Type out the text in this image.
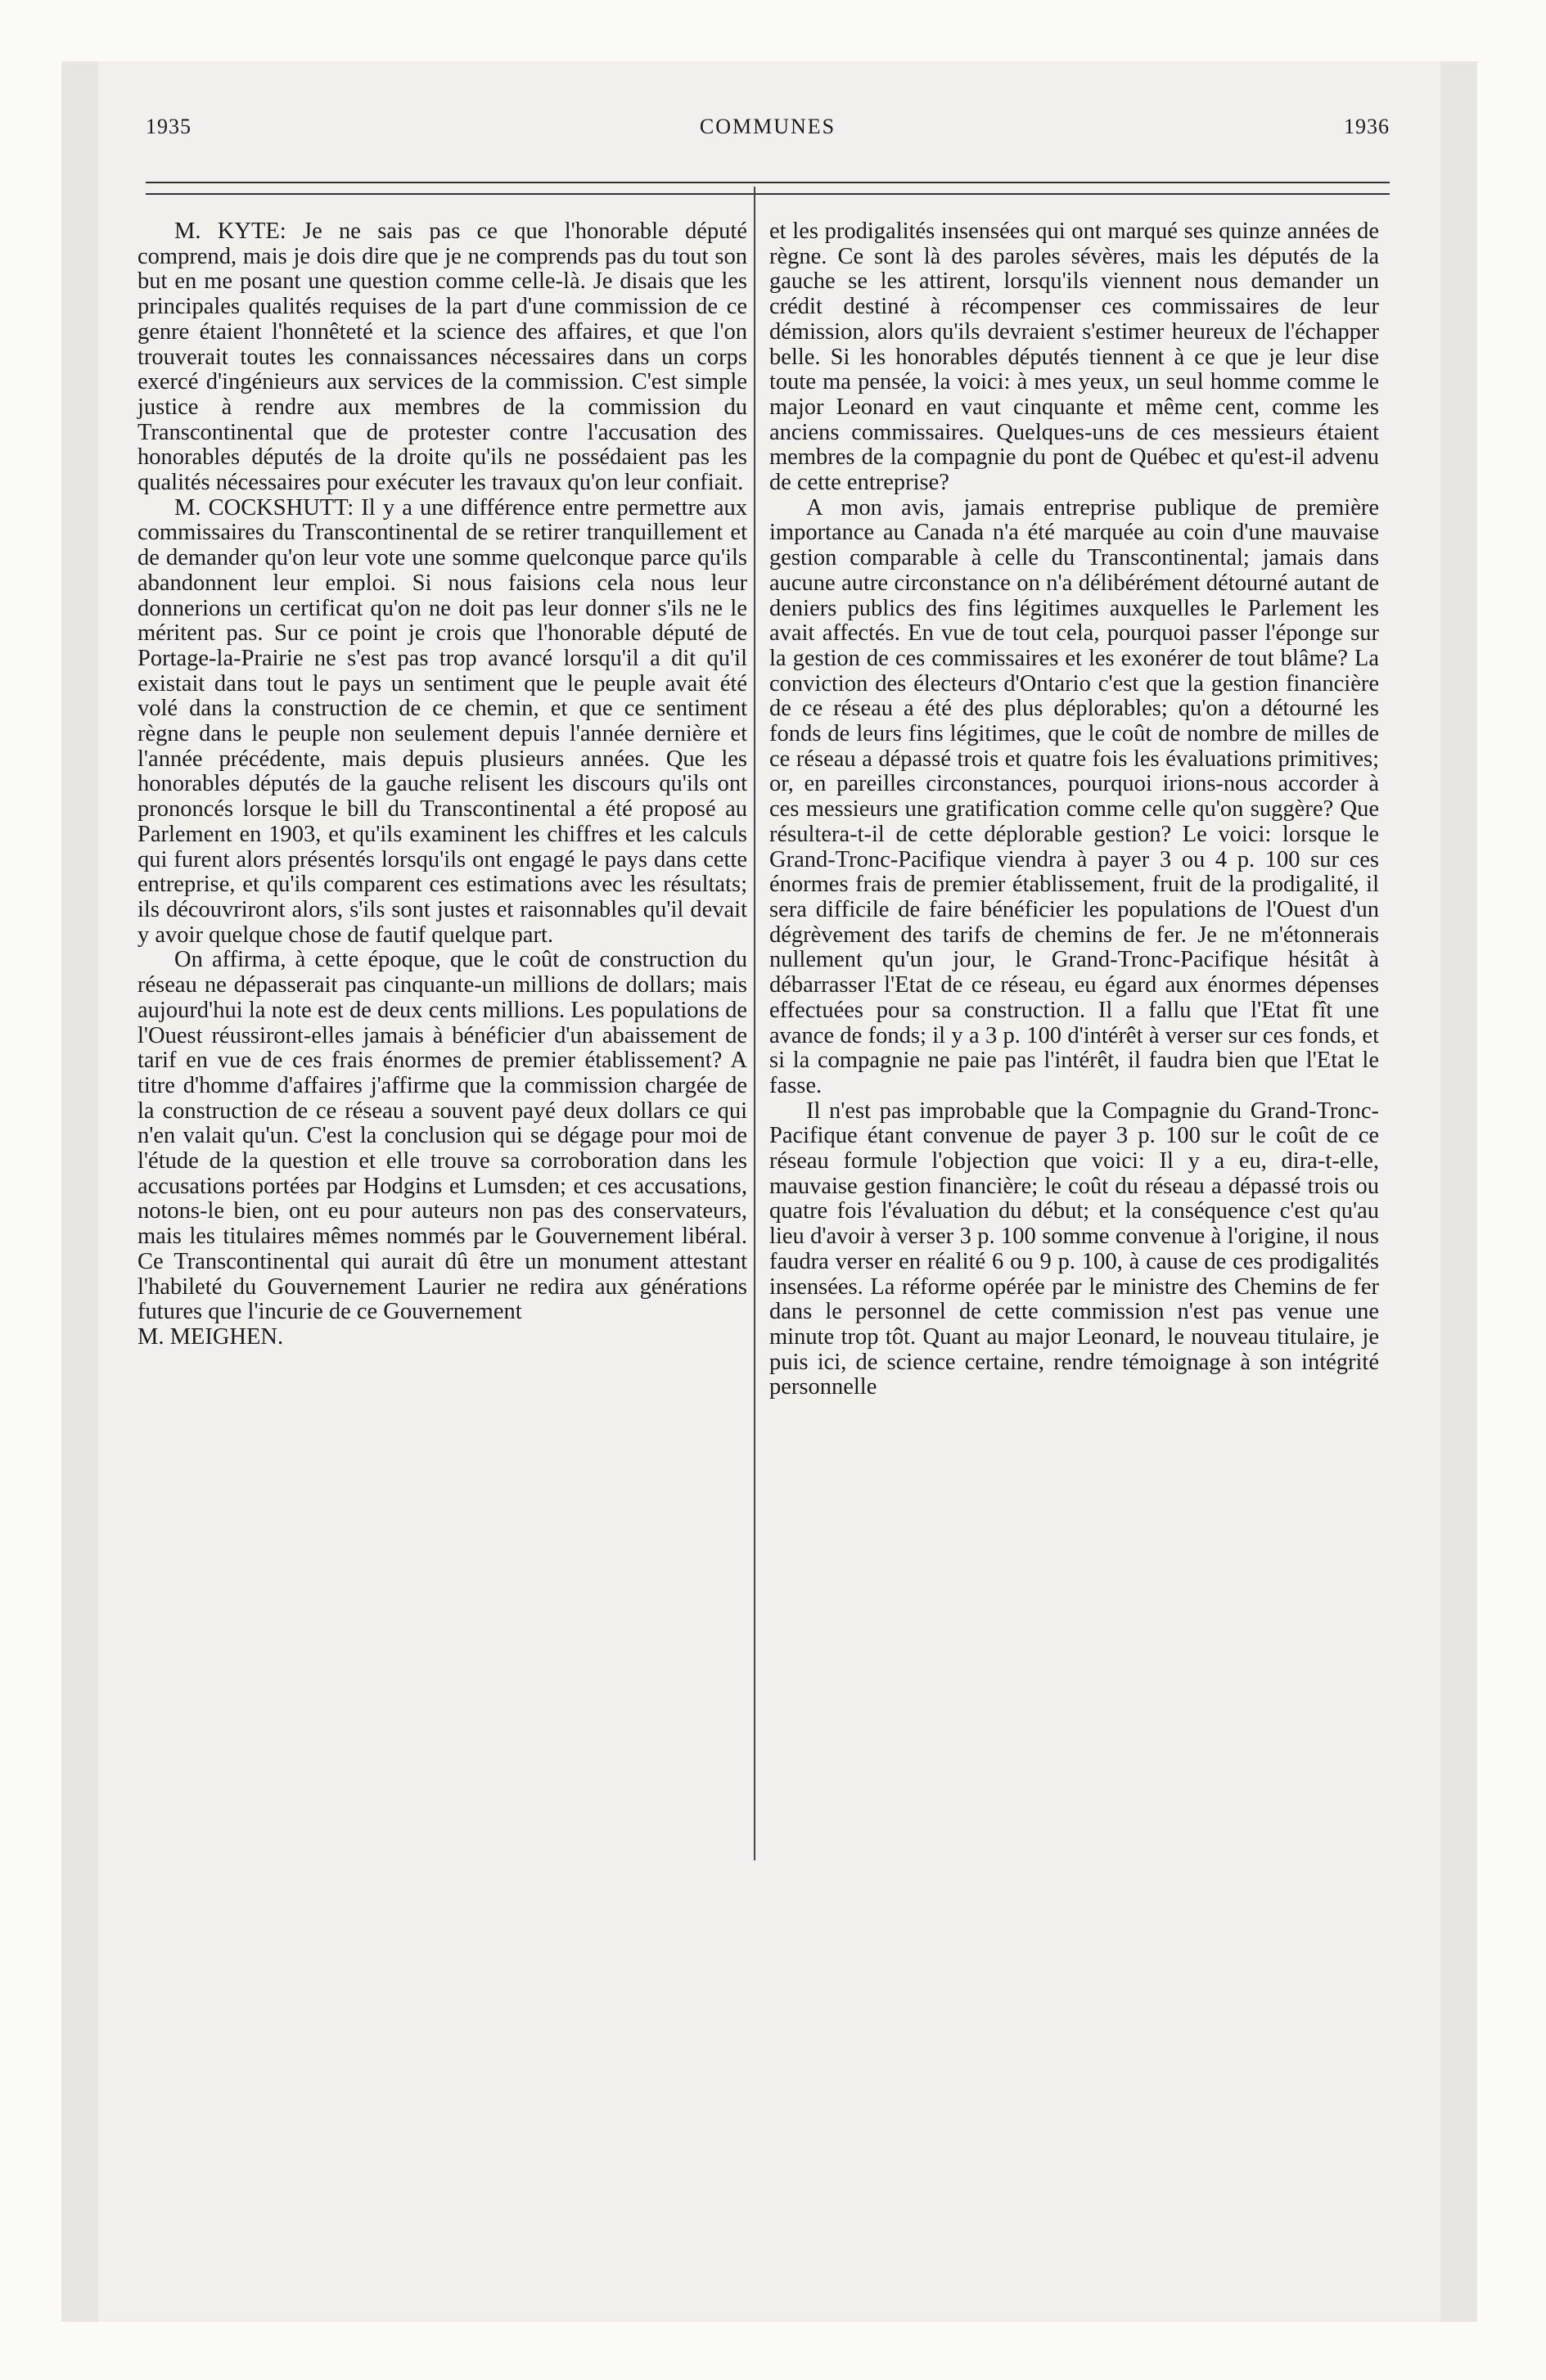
1935	COMMUNES	1936

M. KYTE: Je ne sais pas ce que l'honorable député comprend, mais je dois dire que je ne comprends pas du tout son but en me posant une question comme celle-là. Je disais que les principales qualités requises de la part d'une commission de ce genre étaient l'honnêteté et la science des affaires, et que l'on trouverait toutes les connaissances nécessaires dans un corps exercé d'ingénieurs aux services de la commission. C'est simple justice à rendre aux membres de la commission du Transcontinental que de protester contre l'accusation des honorables députés de la droite qu'ils ne possédaient pas les qualités nécessaires pour exécuter les travaux qu'on leur confiait.

M. COCKSHUTT: Il y a une différence entre permettre aux commissaires du Transcontinental de se retirer tranquillement et de demander qu'on leur vote une somme quelconque parce qu'ils abandonnent leur emploi. Si nous faisions cela nous leur donnerions un certificat qu'on ne doit pas leur donner s'ils ne le méritent pas. Sur ce point je crois que l'honorable député de Portage-la-Prairie ne s'est pas trop avancé lorsqu'il a dit qu'il existait dans tout le pays un sentiment que le peuple avait été volé dans la construction de ce chemin, et que ce sentiment règne dans le peuple non seulement depuis l'année dernière et l'année précédente, mais depuis plusieurs années. Que les honorables députés de la gauche relisent les discours qu'ils ont prononcés lorsque le bill du Transcontinental a été proposé au Parlement en 1903, et qu'ils examinent les chiffres et les calculs qui furent alors présentés lorsqu'ils ont engagé le pays dans cette entreprise, et qu'ils comparent ces estimations avec les résultats; ils découvriront alors, s'ils sont justes et raisonnables qu'il devait y avoir quelque chose de fautif quelque part.

On affirma, à cette époque, que le coût de construction du réseau ne dépasserait pas cinquante-un millions de dollars; mais aujourd'hui la note est de deux cents millions. Les populations de l'Ouest réussiront-elles jamais à bénéficier d'un abaissement de tarif en vue de ces frais énormes de premier établissement? A titre d'homme d'affaires j'affirme que la commission chargée de la construction de ce réseau a souvent payé deux dollars ce qui n'en valait qu'un. C'est la conclusion qui se dégage pour moi de l'étude de la question et elle trouve sa corroboration dans les accusations portées par Hodgins et Lumsden; et ces accusations, notons-le bien, ont eu pour auteurs non pas des conservateurs, mais les titulaires mêmes nommés par le Gouvernement libéral. Ce Transcontinental qui aurait dû être un monument attestant l'habileté du Gouvernement Laurier ne redira aux générations futures que l'incurie de ce Gouvernement

M. MEIGHEN.

et les prodigalités insensées qui ont marqué ses quinze années de règne. Ce sont là des paroles sévères, mais les députés de la gauche se les attirent, lorsqu'ils viennent nous demander un crédit destiné à récompenser ces commissaires de leur démission, alors qu'ils devraient s'estimer heureux de l'échapper belle. Si les honorables députés tiennent à ce que je leur dise toute ma pensée, la voici: à mes yeux, un seul homme comme le major Leonard en vaut cinquante et même cent, comme les anciens commissaires. Quelques-uns de ces messieurs étaient membres de la compagnie du pont de Québec et qu'est-il advenu de cette entreprise?

A mon avis, jamais entreprise publique de première importance au Canada n'a été marquée au coin d'une mauvaise gestion comparable à celle du Transcontinental; jamais dans aucune autre circonstance on n'a délibérément détourné autant de deniers publics des fins légitimes auxquelles le Parlement les avait affectés. En vue de tout cela, pourquoi passer l'éponge sur la gestion de ces commissaires et les exonérer de tout blâme? La conviction des électeurs d'Ontario c'est que la gestion financière de ce réseau a été des plus déplorables; qu'on a détourné les fonds de leurs fins légitimes, que le coût de nombre de milles de ce réseau a dépassé trois et quatre fois les évaluations primitives; or, en pareilles circonstances, pourquoi irions-nous accorder à ces messieurs une gratification comme celle qu'on suggère? Que résultera-t-il de cette déplorable gestion? Le voici: lorsque le Grand-Tronc-Pacifique viendra à payer 3 ou 4 p. 100 sur ces énormes frais de premier établissement, fruit de la prodigalité, il sera difficile de faire bénéficier les populations de l'Ouest d'un dégrèvement des tarifs de chemins de fer. Je ne m'étonnerais nullement qu'un jour, le Grand-Tronc-Pacifique hésitât à débarrasser l'Etat de ce réseau, eu égard aux énormes dépenses effectuées pour sa construction. Il a fallu que l'Etat fît une avance de fonds; il y a 3 p. 100 d'intérêt à verser sur ces fonds, et si la compagnie ne paie pas l'intérêt, il faudra bien que l'Etat le fasse.

Il n'est pas improbable que la Compagnie du Grand-Tronc-Pacifique étant convenue de payer 3 p. 100 sur le coût de ce réseau formule l'objection que voici: Il y a eu, dira-t-elle, mauvaise gestion financière; le coût du réseau a dépassé trois ou quatre fois l'évaluation du début; et la conséquence c'est qu'au lieu d'avoir à verser 3 p. 100 somme convenue à l'origine, il nous faudra verser en réalité 6 ou 9 p. 100, à cause de ces prodigalités insensées. La réforme opérée par le ministre des Chemins de fer dans le personnel de cette commission n'est pas venue une minute trop tôt. Quant au major Leonard, le nouveau titulaire, je puis ici, de science certaine, rendre témoignage à son intégrité personnelle
